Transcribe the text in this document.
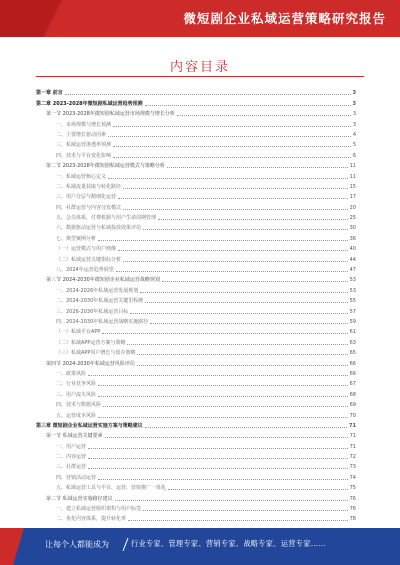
微短剧企业私域运营策略研究报告
内容目录
第一章 前言	3
第二章 2023-2028年微短剧私域运营趋势预测	3
第一节 2023-2028年微短剧私域运营市场规模与增长分析	3
一、市场规模与增长预测	3
二、主要增长驱动因素	4
三、私域运营渗透率预测	5
四、技术与平台变化影响	6
第二节 2023-2028年微短剧私域运营模式与策略分析	11
一、私域运营核心定义	11
二、私域流量获取与转化路径	15
三、用户分层与精细化运营	17
四、社群运营与内容分发模式	20
五、会员体系、付费机制与用户生命周期管理	25
六、数据驱动运营与私域投放效果评估	30
七、典型案例分析	36
（一）运营模式与用户画像	40
（二）私域运营关键指标分析	44
八、2024年运营趋势展望	47
第三节 2024-2030年微短剧企业私域运营战略规划	53
一、2024-2026年私域运营发展规划	53
二、2024-2030年私域运营关键里程碑	55
三、2026-2030年私域运营目标	57
四、2024-2030年私域运营战略实施路径	59
（一）私域平台APP	61
（二）私域APP运营方案与策略	63
（三）私域APP用户增长与留存策略	65
第四节 2024-2030年私域运营风险评估	66
一、政策风险	66
二、行业竞争风险	67
三、用户流失风险	68
四、技术与数据风险	69
五、运营成本风险	70
第三章 微短剧企业私域运营实施方案与策略建议	71
第一节 私域运营关键要素	71
一、用户运营	71
二、内容运营	72
三、社群运营	73
四、营销活动运营	74
五、私域运营工具与平台、运营、营销推广一体化	75
第二节 私域运营实施路径建议	76
一、建立私域运营组织架构与用户标签	76
二、优化内容体系，提升转化率	78
让每个人都能成为	行业专家、管理专家、营销专家、战略专家、运营专家……
